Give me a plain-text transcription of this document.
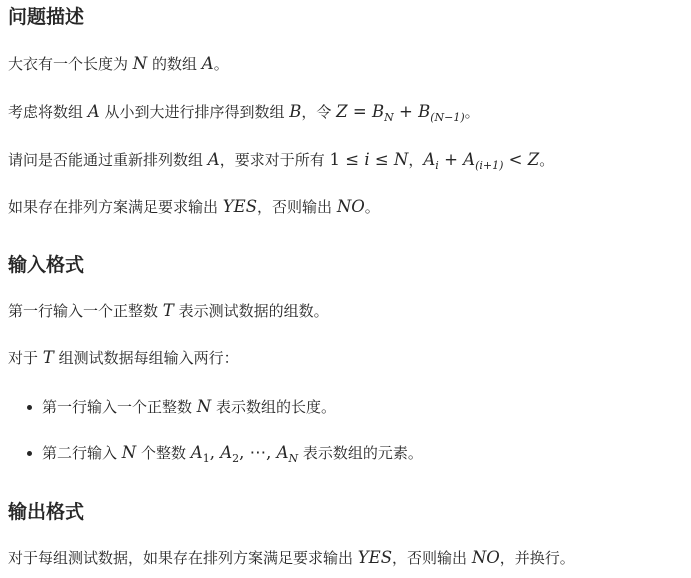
问题描述

大衣有一个长度为 N 的数组 A。

考虑将数组 A 从小到大进行排序得到数组 B，令 $Z = B_N + B_{(N-1)}$。

请问是否能通过重新排列数组 A，要求对于所有 1 ≤ i ≤ N，$A_i + A_{(i+1)} < Z$。

如果存在排列方案满足要求输出 YES，否则输出 NO。

输入格式

第一行输入一个正整数 T 表示测试数据的组数。

对于 T 组测试数据每组输入两行：

第一行输入一个正整数 N 表示数组的长度。
第二行输入 N 个整数 $A_1$, $A_2$, ⋯, $A_N$ 表示数组的元素。
输出格式

对于每组测试数据，如果存在排列方案满足要求输出 YES，否则输出 NO，并换行。
